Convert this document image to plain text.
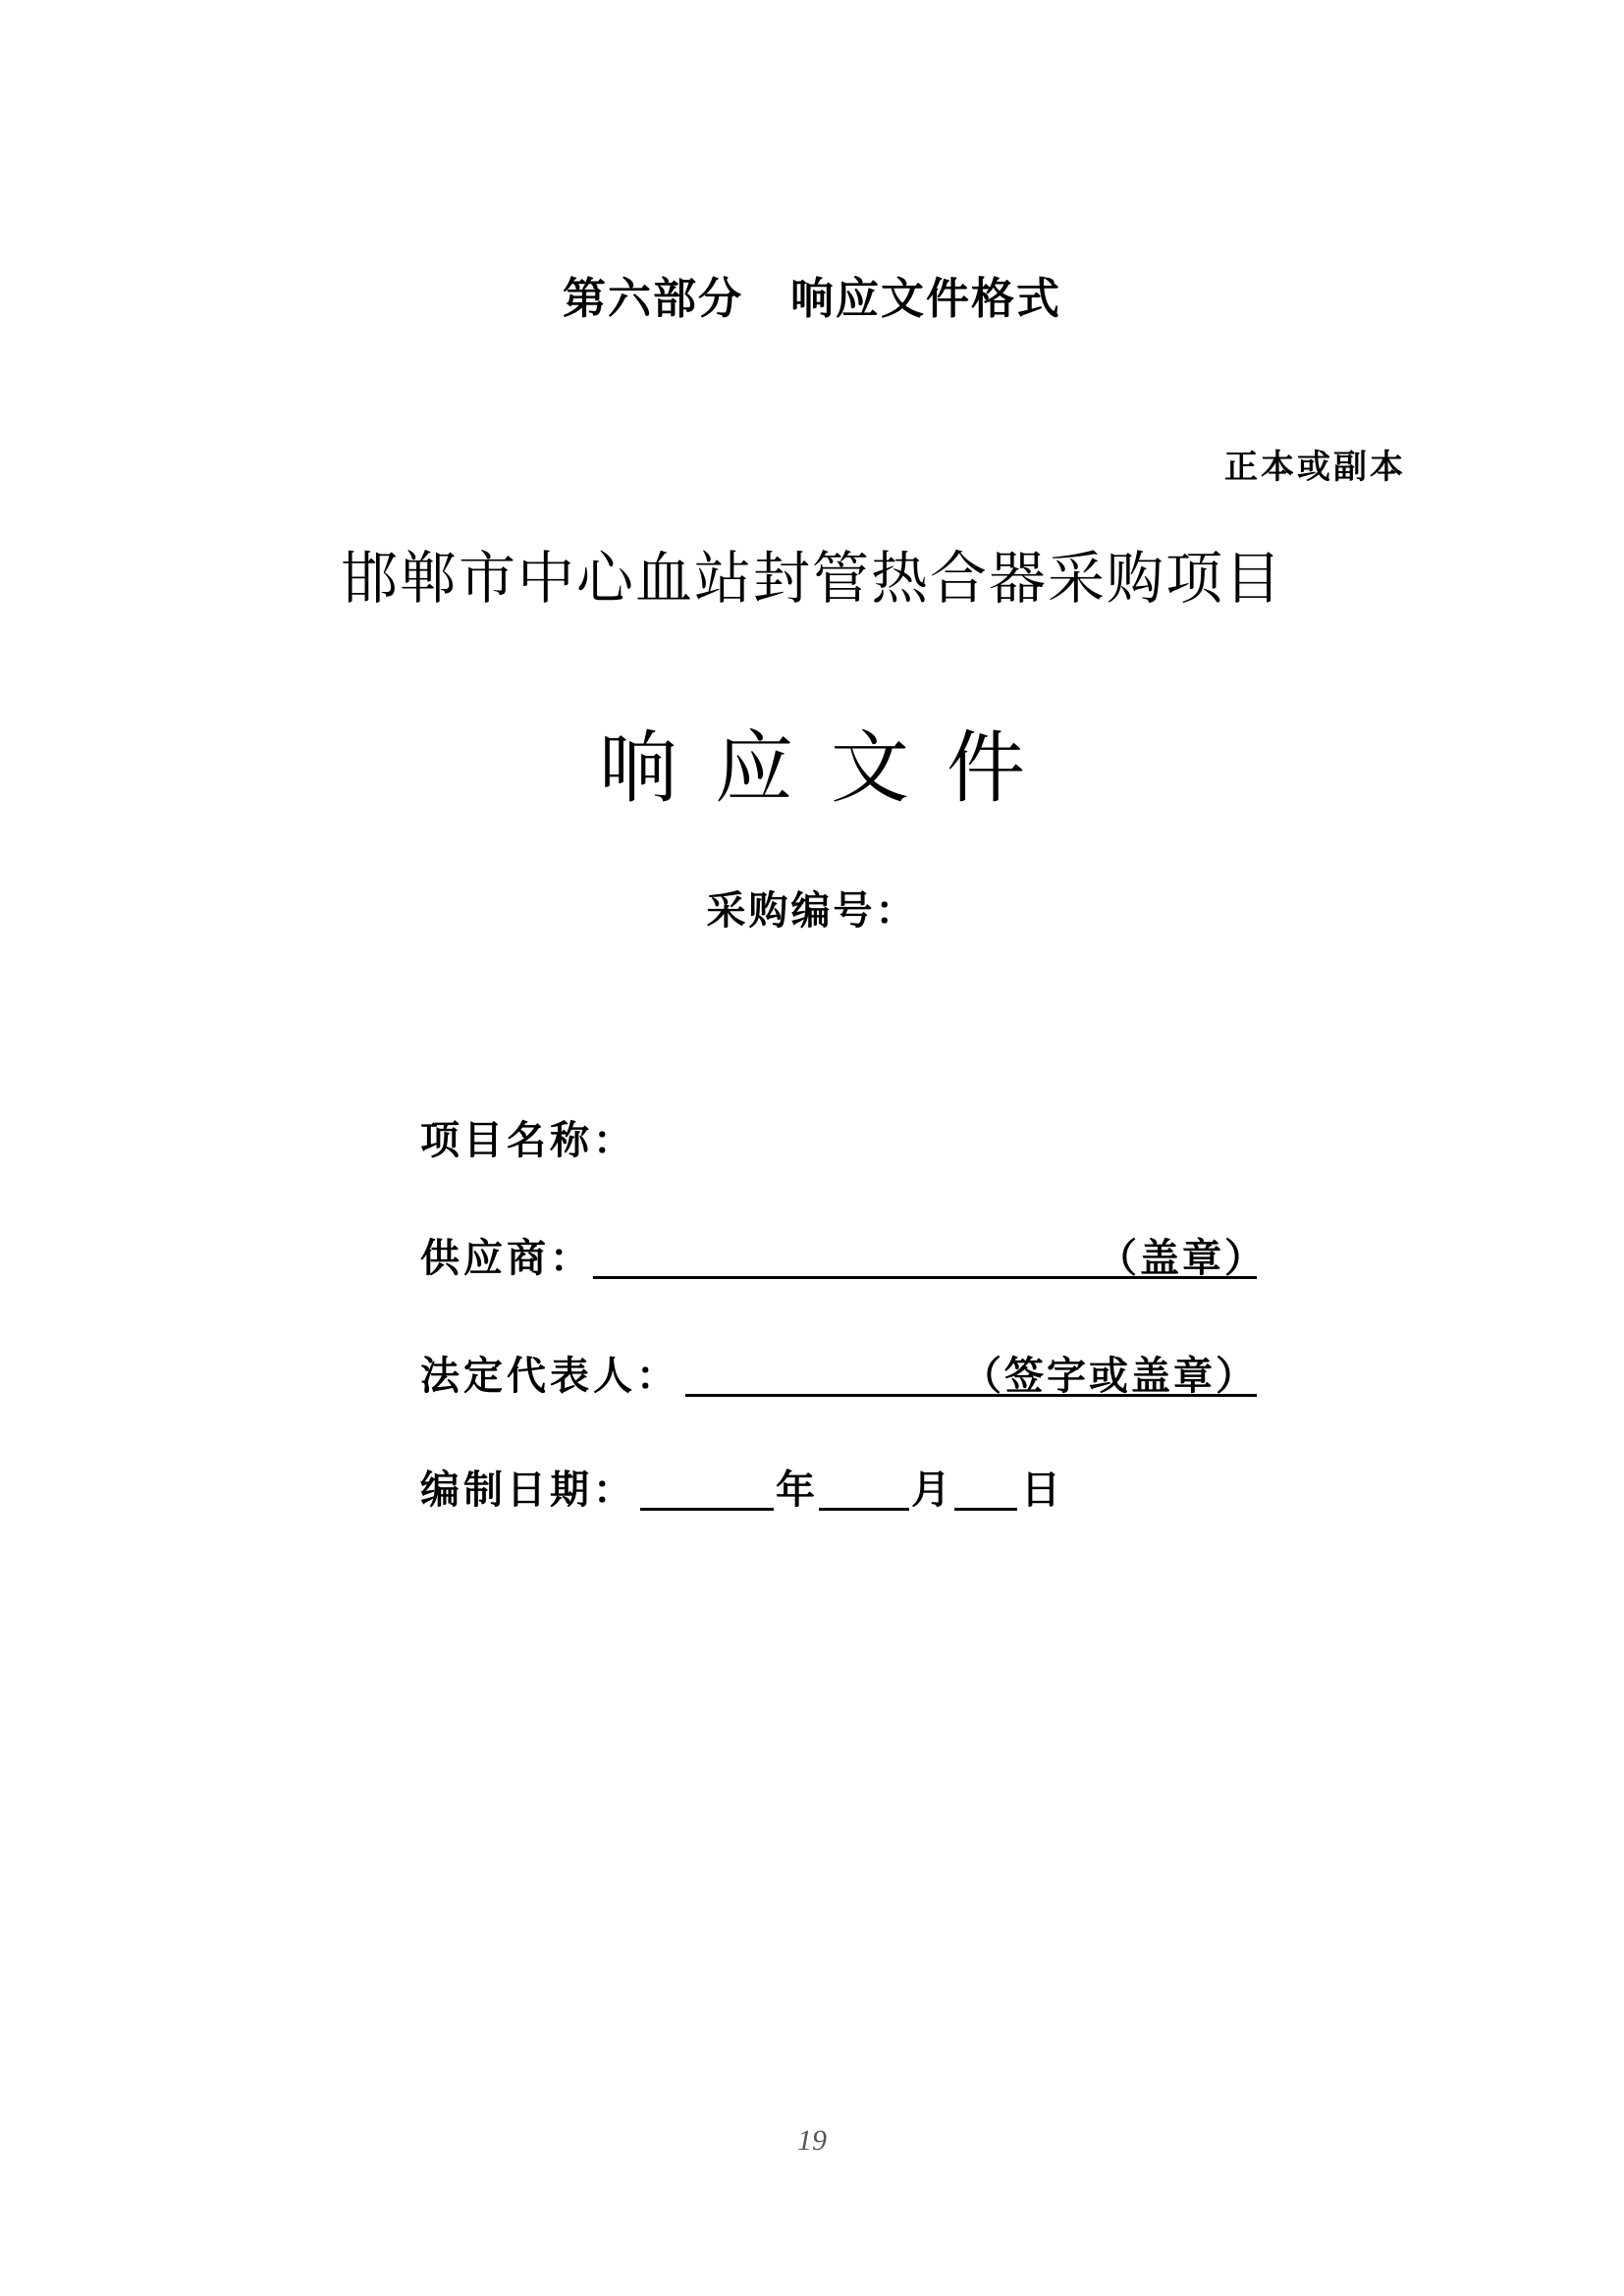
第六部分 响应文件格式
正本或副本
邯郸市中心血站封管热合器采购项目
响应文件
采购编号：
项目名称：
供应商：	（盖章）
法定代表人：	（签字或盖章）
编制日期：	年 月 日
19
